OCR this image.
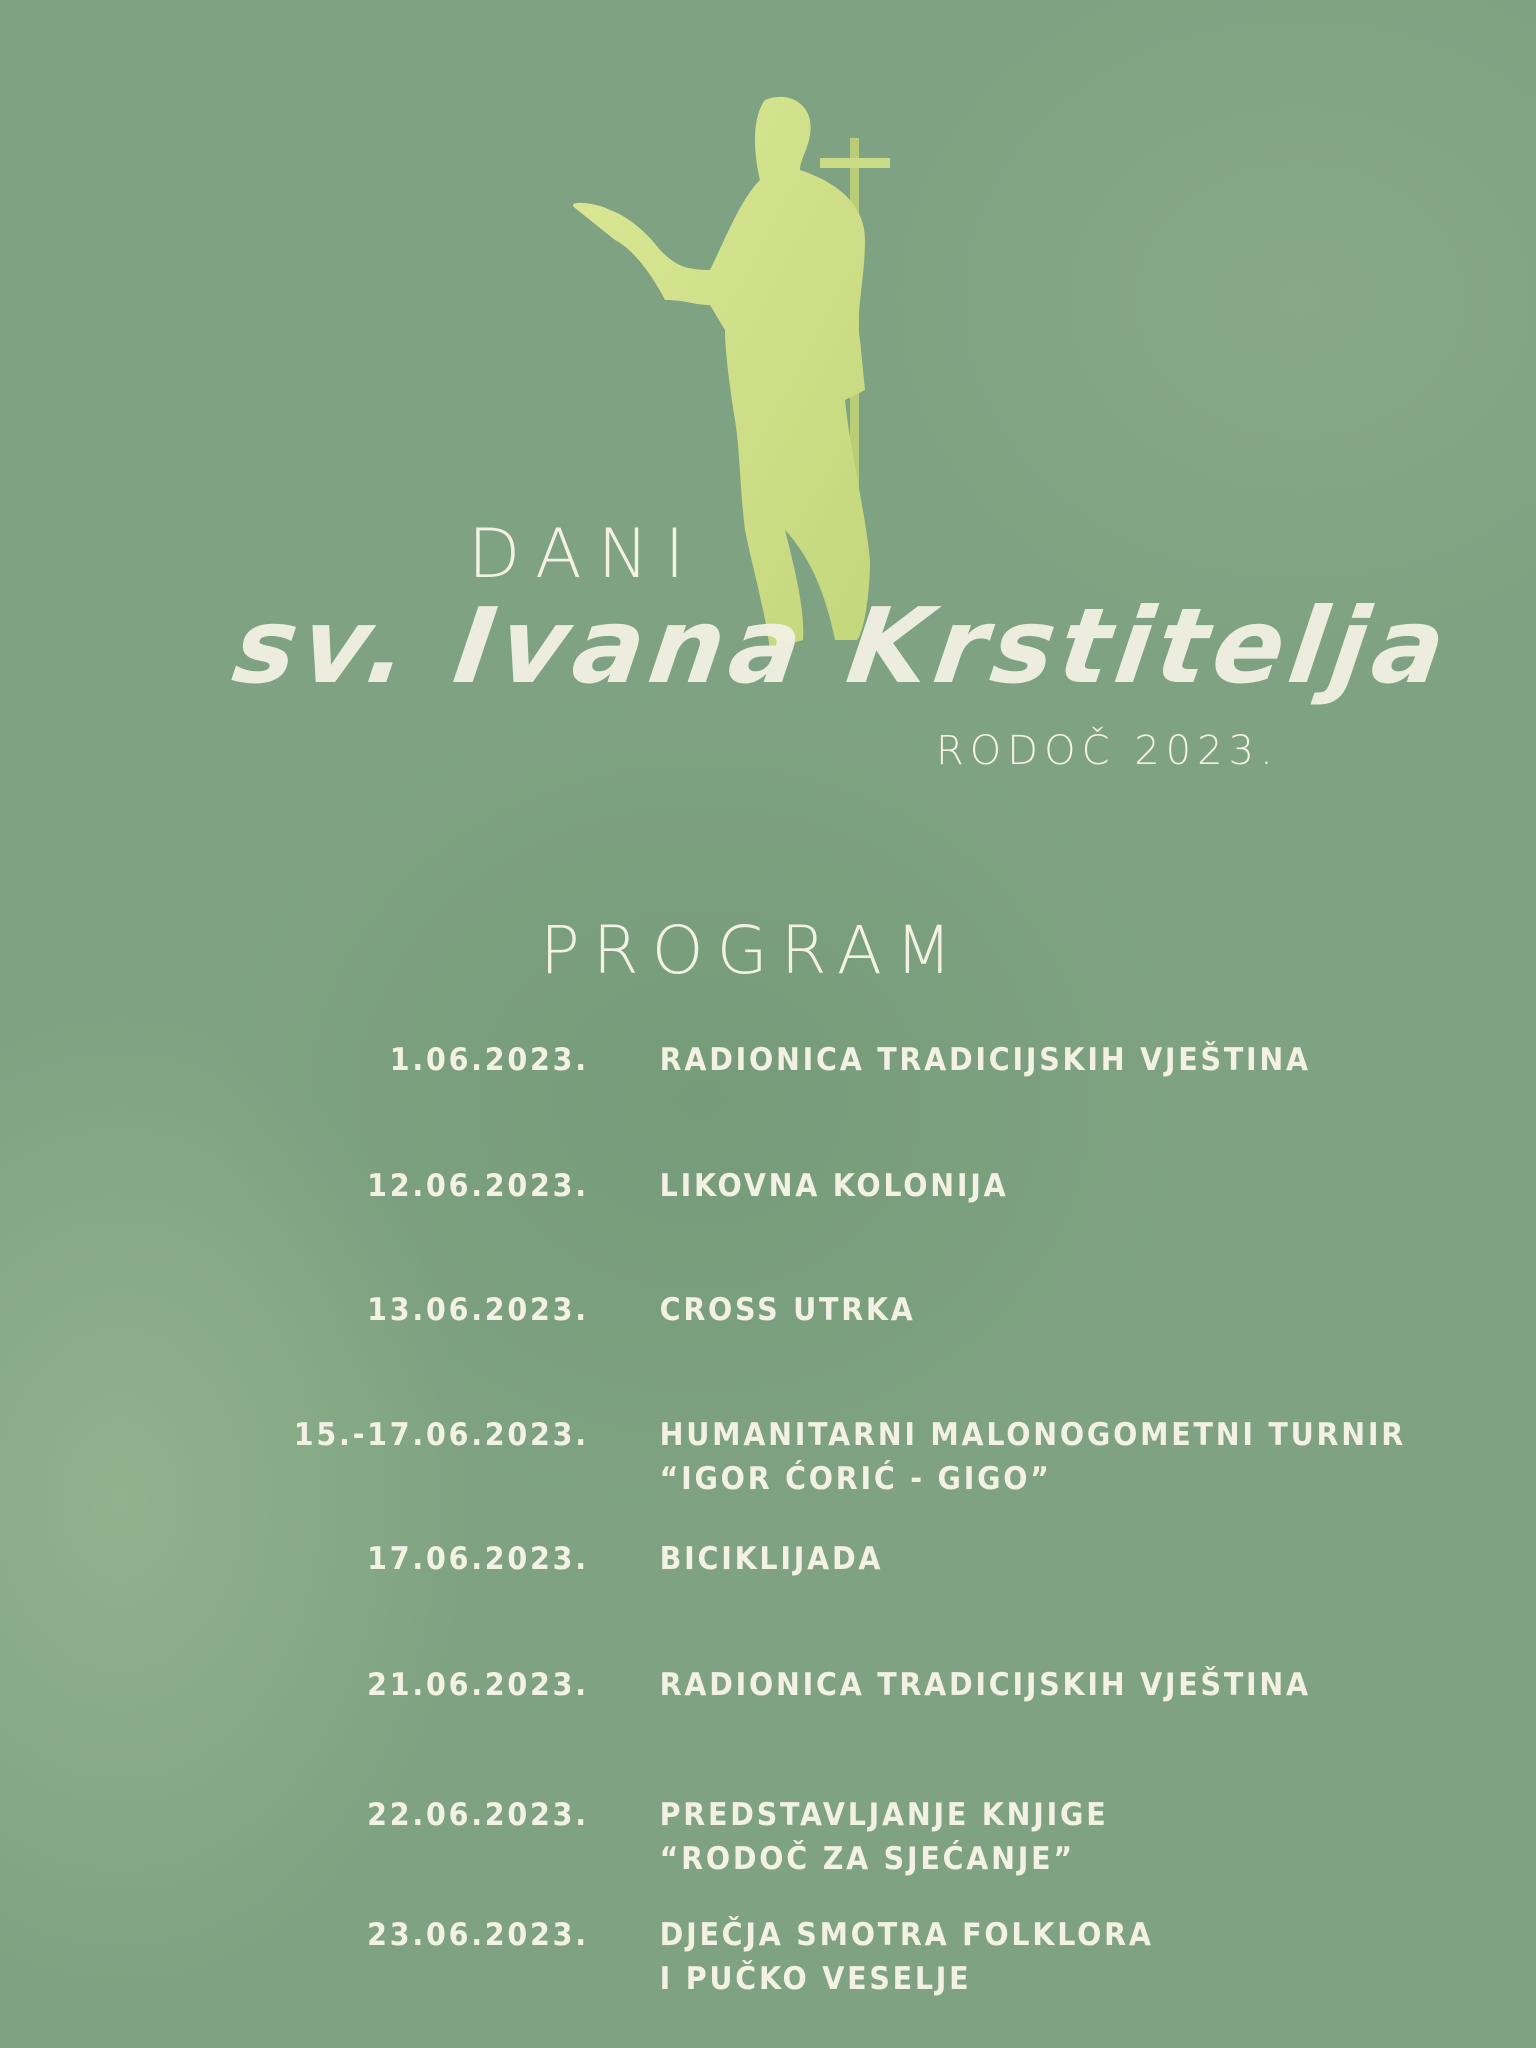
DANI
sv. Ivana Krstitelja
RODOČ 2023.
PROGRAM
1.06.2023. RADIONICA TRADICIJSKIH VJEŠTINA
12.06.2023. LIKOVNA KOLONIJA
13.06.2023. CROSS UTRKA
15.-17.06.2023. HUMANITARNI MALONOGOMETNI TURNIR
“IGOR ĆORIĆ - GIGO”
17.06.2023. BICIKLIJADA
21.06.2023. RADIONICA TRADICIJSKIH VJEŠTINA
22.06.2023. PREDSTAVLJANJE KNJIGE
“RODOČ ZA SJEĆANJE”
23.06.2023. DJEČJA SMOTRA FOLKLORA
I PUČKO VESELJE
